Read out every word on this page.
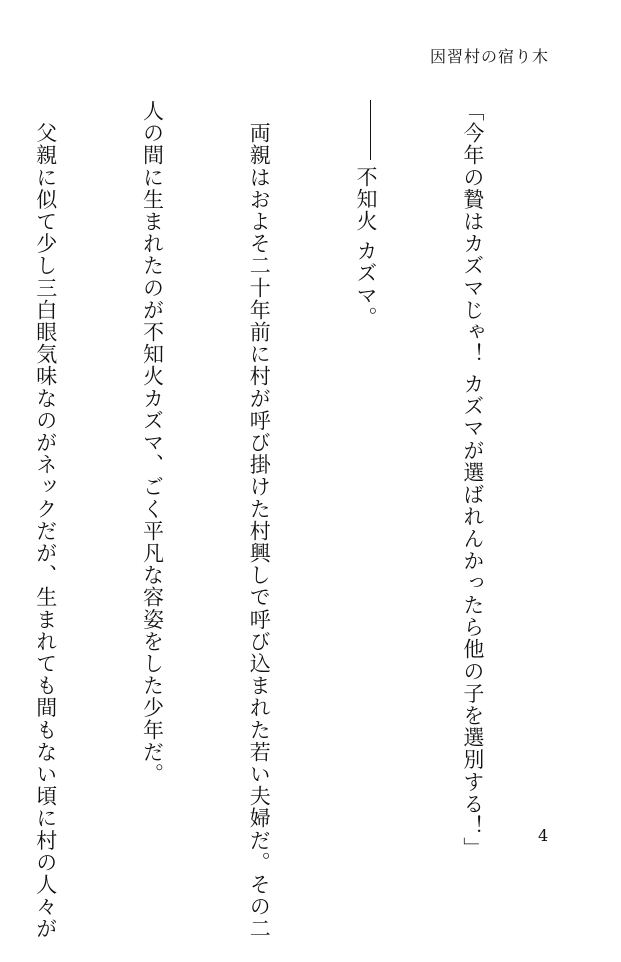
因習村の宿り木

「今年の贄はカズマじゃ！ カズマが選ばれんかったら他の子を選別する！」

不知火 カズマ。

　両親はおよそ二十年前に村が呼び掛けた村興しで呼び込まれた若い夫婦だ。その二

人の間に生まれたのが不知火カズマ、ごく平凡な容姿をした少年だ。

　父親に似て少し三白眼気味なのがネックだが、生まれても間もない頃に村の人々が

	4
